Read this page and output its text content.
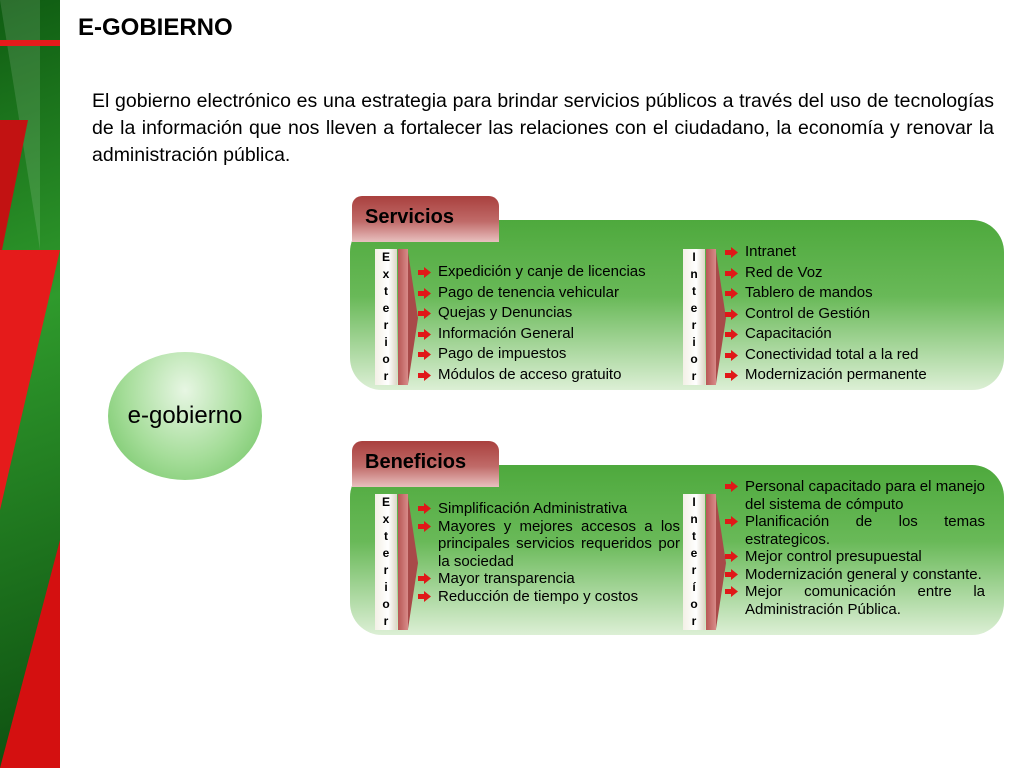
E-GOBIERNO

El gobierno electrónico es una estrategia para brindar servicios públicos a través del uso de tecnologías de la información que nos lleven a fortalecer las relaciones con el ciudadano, la economía y renovar la administración pública.

e-gobierno
Servicios
E
x
t
e
r
i
o
r
Expedición y canje de licencias
Pago de tenencia vehicular
Quejas y Denuncias
Información General
Pago de impuestos
Módulos de acceso gratuito
I
n
t
e
r
i
o
r
Intranet
Red de Voz
Tablero de mandos
Control de Gestión
Capacitación
Conectividad total a la red
Modernización permanente
Beneficios
E
x
t
e
r
i
o
r
Simplificación Administrativa
Mayores y mejores accesos a los principales servicios requeridos por la sociedad
Mayor transparencia
Reducción de tiempo y costos
I
n
t
e
r
í
o
r
Personal capacitado para el manejo del sistema de cómputo
Planificación de los temas estrategicos.
Mejor control presupuestal
Modernización general y constante.
Mejor comunicación entre la Administración Pública.
